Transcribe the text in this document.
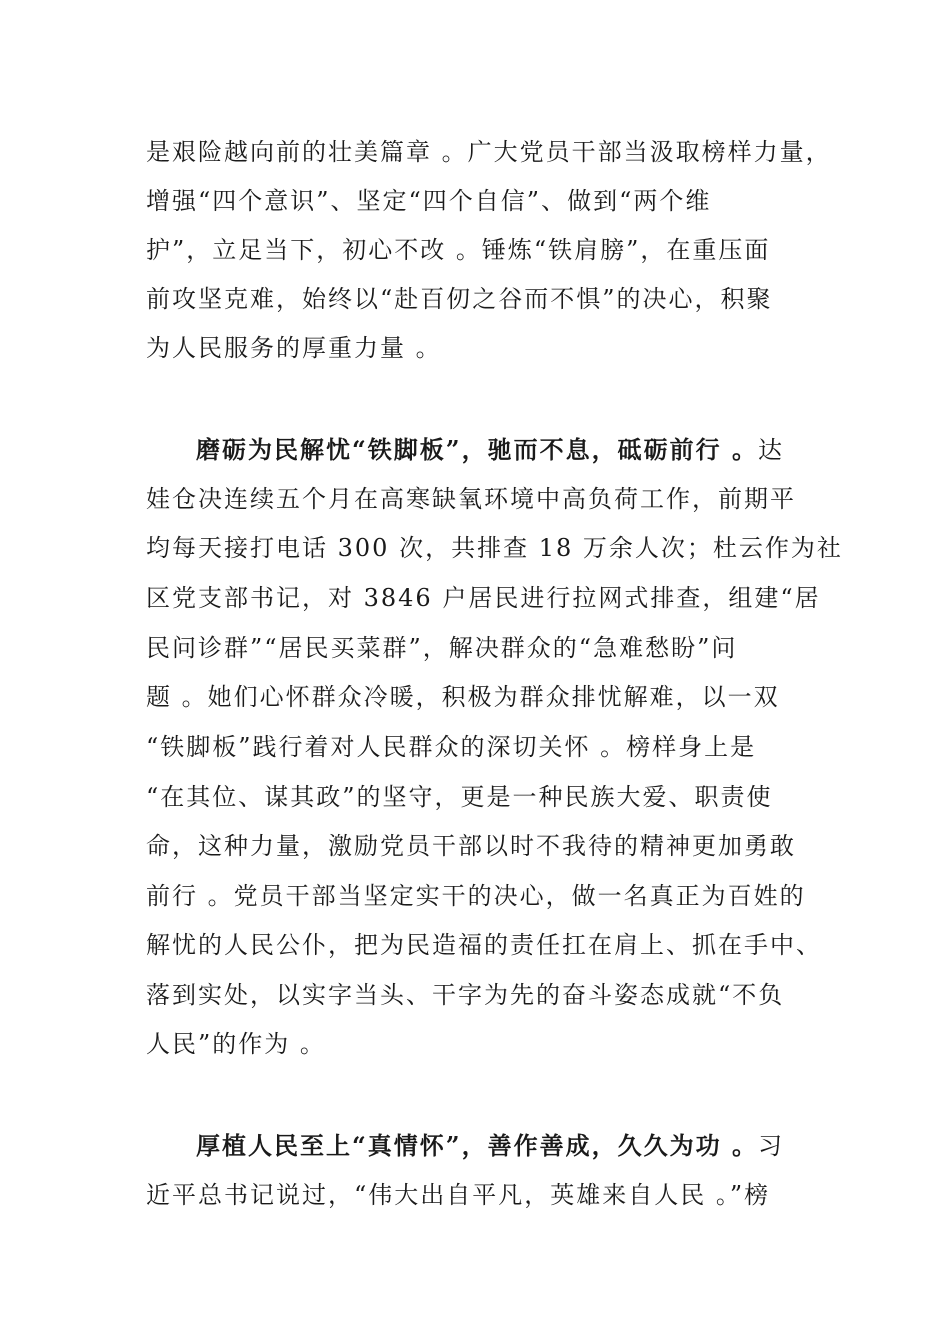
是艰险越向前的壮美篇章 。广大党员干部当汲取榜样力量，
增强“四个意识”、坚定“四个自信”、做到“两个维
护”，立足当下，初心不改 。锤炼“铁肩膀”，在重压面
前攻坚克难，始终以“赴百仞之谷而不惧”的决心，积聚
为人民服务的厚重力量 。
磨砺为民解忧“铁脚板”，驰而不息，砥砺前行 。达
娃仓决连续五个月在高寒缺氧环境中高负荷工作，前期平
均每天接打电话 300 次，共排查 18 万余人次；杜云作为社
区党支部书记，对 3846 户居民进行拉网式排查，组建“居
民问诊群”“居民买菜群”，解决群众的“急难愁盼”问
题 。她们心怀群众冷暖，积极为群众排忧解难，以一双
“铁脚板”践行着对人民群众的深切关怀 。榜样身上是
“在其位、谋其政”的坚守，更是一种民族大爱、职责使
命，这种力量，激励党员干部以时不我待的精神更加勇敢
前行 。党员干部当坚定实干的决心，做一名真正为百姓的
解忧的人民公仆，把为民造福的责任扛在肩上、抓在手中、
落到实处，以实字当头、干字为先的奋斗姿态成就“不负
人民”的作为 。
厚植人民至上“真情怀”，善作善成，久久为功 。习
近平总书记说过，“伟大出自平凡，英雄来自人民 。”榜
